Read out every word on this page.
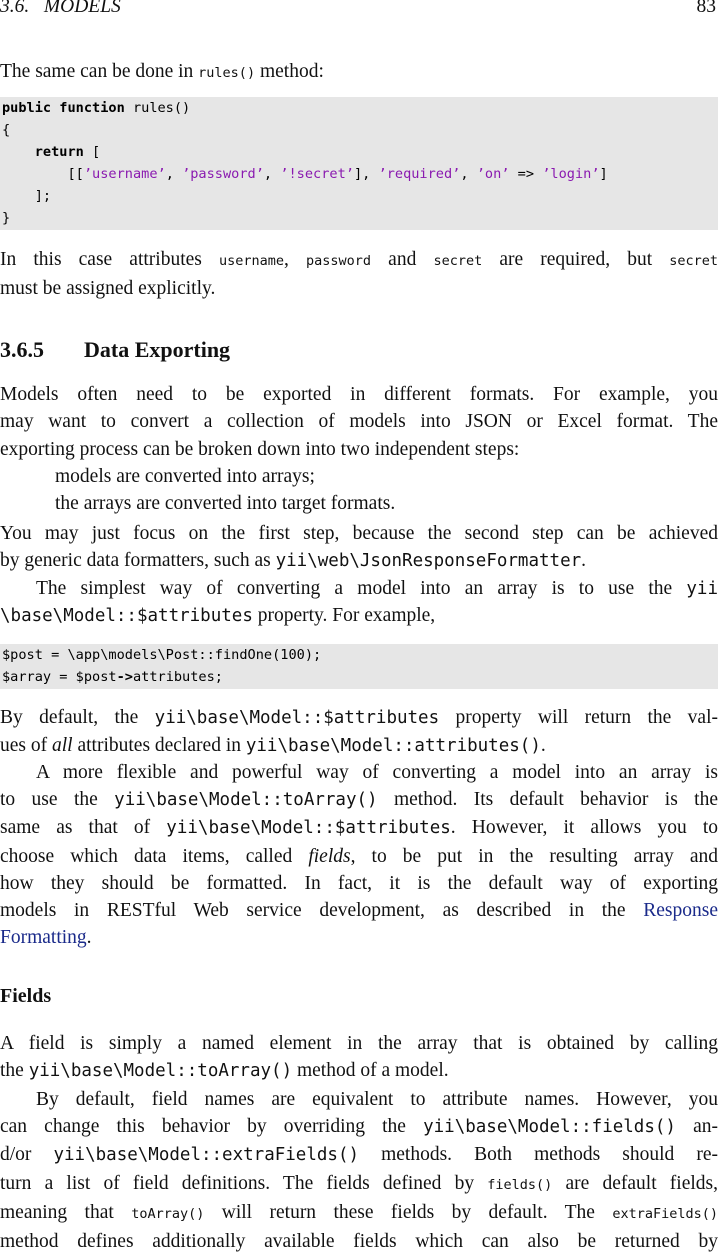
3.6.   MODELS	83
The same can be done in rules() method:
public function rules()
{
return [
[[’username’, ’password’, ’!secret’], ’required’, ’on’ => ’login’]
];
}
In this case attributes username, password and secret are required, but secret
must be assigned explicitly.
3.6.5 Data Exporting
Models often need to be exported in different formats. For example, you
may want to convert a collection of models into JSON or Excel format. The
exporting process can be broken down into two independent steps:
models are converted into arrays;
the arrays are converted into target formats.
You may just focus on the first step, because the second step can be achieved
by generic data formatters, such as yii\web\JsonResponseFormatter.
The simplest way of converting a model into an array is to use the yii
\base\Model::$attributes property. For example,
$post = \app\models\Post::findOne(100);
$array = $post->attributes;
By default, the yii\base\Model::$attributes property will return the val-
ues of all attributes declared in yii\base\Model::attributes().
A more flexible and powerful way of converting a model into an array is
to use the yii\base\Model::toArray() method. Its default behavior is the
same as that of yii\base\Model::$attributes. However, it allows you to
choose which data items, called fields, to be put in the resulting array and
how they should be formatted. In fact, it is the default way of exporting
models in RESTful Web service development, as described in the Response
Formatting.
Fields
A field is simply a named element in the array that is obtained by calling
the yii\base\Model::toArray() method of a model.
By default, field names are equivalent to attribute names. However, you
can change this behavior by overriding the yii\base\Model::fields() an-
d/or yii\base\Model::extraFields() methods. Both methods should re-
turn a list of field definitions. The fields defined by fields() are default fields,
meaning that toArray() will return these fields by default. The extraFields()
method defines additionally available fields which can also be returned by
